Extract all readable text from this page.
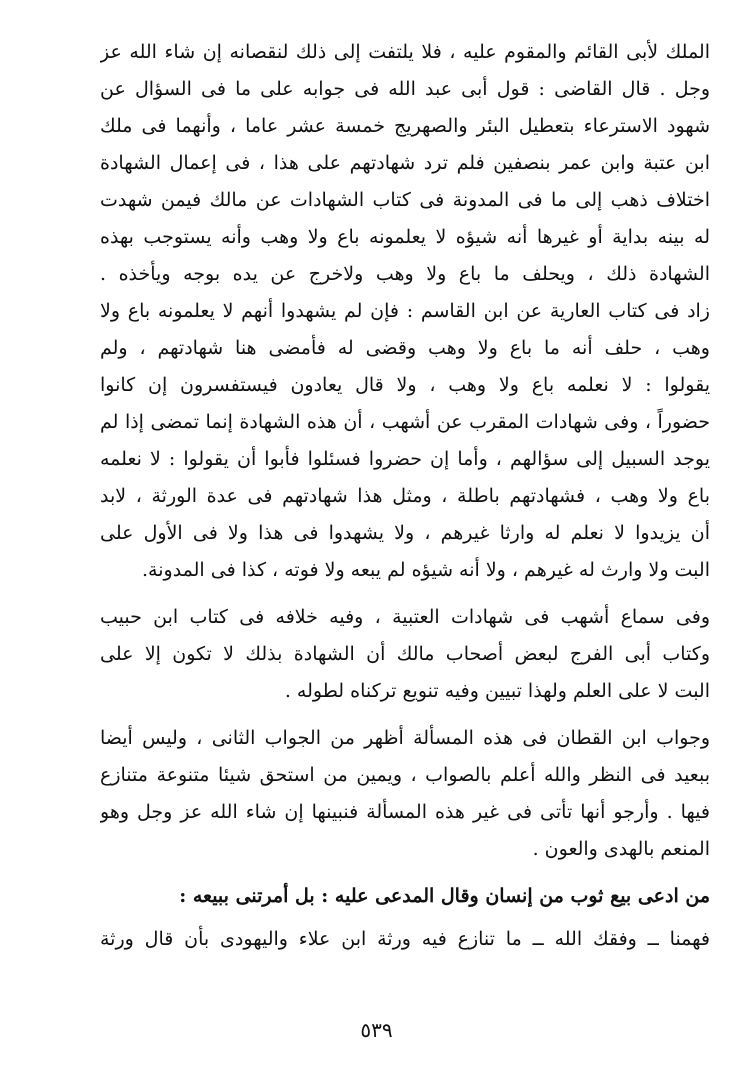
الملك لأبى القائم والمقوم عليه ، فلا يلتفت إلى ذلك لنقصانه إن شاء الله عز
وجل . قال القاضى : قول أبى عبد الله فى جوابه على ما فى السؤال عن
شهود الاسترعاء بتعطيل البئر والصهريج خمسة عشر عاما ، وأنهما فى ملك
ابن عتبة وابن عمر بنصفين فلم ترد شهادتهم على هذا ، فى إعمال الشهادة
اختلاف ذهب إلى ما فى المدونة فى كتاب الشهادات عن مالك فيمن شهدت
له بينه بداية أو غيرها أنه شيؤه لا يعلمونه باع ولا وهب وأنه يستوجب بهذه
الشهادة ذلك ، ويحلف ما باع ولا وهب ولاخرج عن يده بوجه ويأخذه .
زاد فى كتاب العارية عن ابن القاسم : فإن لم يشهدوا أنهم لا يعلمونه باع ولا
وهب ، حلف أنه ما باع ولا وهب وقضى له فأمضى هنا شهادتهم ، ولم
يقولوا : لا نعلمه باع ولا وهب ، ولا قال يعادون فيستفسرون إن كانوا
حضوراً ، وفى شهادات المقرب عن أشهب ، أن هذه الشهادة إنما تمضى إذا لم
يوجد السبيل إلى سؤالهم ، وأما إن حضروا فسئلوا فأبوا أن يقولوا : لا نعلمه
باع ولا وهب ، فشهادتهم باطلة ، ومثل هذا شهادتهم فى عدة الورثة ، لابد
أن يزيدوا لا نعلم له وارثا غيرهم ، ولا يشهدوا فى هذا ولا فى الأول على
البت ولا وارث له غيرهم ، ولا أنه شيؤه لم يبعه ولا فوته ، كذا فى المدونة.
وفى سماع أشهب فى شهادات العتبية ، وفيه خلافه فى كتاب ابن حبيب
وكتاب أبى الفرج لبعض أصحاب مالك أن الشهادة بذلك لا تكون إلا على
البت لا على العلم ولهذا تبيين وفيه تنويع تركناه لطوله .
وجواب ابن القطان فى هذه المسألة أظهر من الجواب الثانى ، وليس أيضا
ببعيد فى النظر والله أعلم بالصواب ، ويمين من استحق شيئا متنوعة متنازع
فيها . وأرجو أنها تأتى فى غير هذه المسألة فنبينها إن شاء الله عز وجل وهو
المنعم بالهدى والعون .
من ادعى بيع ثوب من إنسان وقال المدعى عليه : بل أمرتنى ببيعه :
فهمنا ــ وفقك الله ــ ما تنازع فيه ورثة ابن علاء واليهودى بأن قال ورثة
٥٣٩
